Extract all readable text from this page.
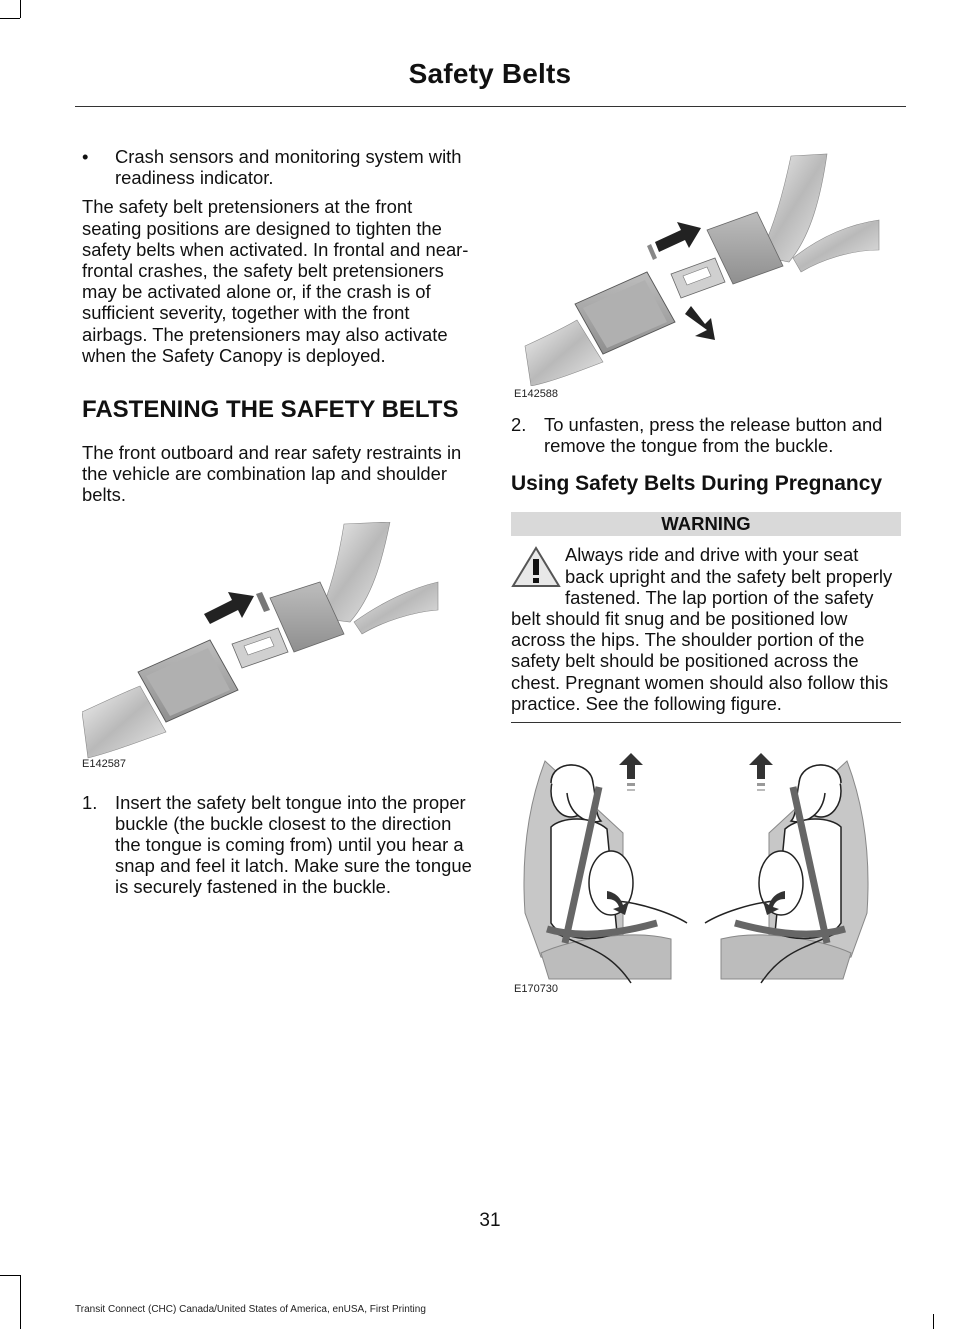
Safety Belts
• Crash sensors and monitoring system with readiness indicator.

The safety belt pretensioners at the front seating positions are designed to tighten the safety belts when activated. In frontal and near-frontal crashes, the safety belt pretensioners may be activated alone or, if the crash is of sufficient severity, together with the front airbags. The pretensioners may also activate when the Safety Canopy is deployed.

FASTENING THE SAFETY BELTS

The front outboard and rear safety restraints in the vehicle are combination lap and shoulder belts.

E142587
1. Insert the safety belt tongue into the proper buckle (the buckle closest to the direction the tongue is coming from) until you hear a snap and feel it latch. Make sure the tongue is securely fastened in the buckle.
E142588
2. To unfasten, press the release button and remove the tongue from the buckle.
Using Safety Belts During Pregnancy
WARNING

Always ride and drive with your seat back upright and the safety belt properly fastened. The lap portion of the safety belt should fit snug and be positioned low across the hips. The shoulder portion of the safety belt should be positioned across the chest. Pregnant women should also follow this practice. See the following figure.

E170730
31
Transit Connect (CHC) Canada/United States of America, enUSA, First Printing
